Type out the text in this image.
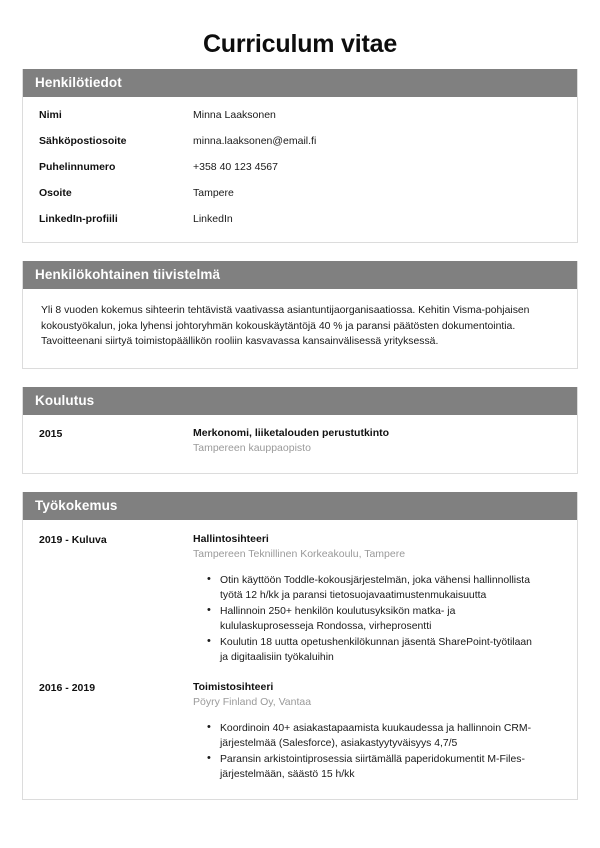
Curriculum vitae
Henkilötiedot
Nimi	Minna Laaksonen
Sähköpostiosoite	minna.laaksonen@email.fi
Puhelinnumero	+358 40 123 4567
Osoite	Tampere
LinkedIn-profiili	LinkedIn
Henkilökohtainen tiivistelmä
Yli 8 vuoden kokemus sihteerin tehtävistä vaativassa asiantuntijaorganisaatiossa. Kehitin Visma-pohjaisen kokoustyökalun, joka lyhensi johtoryhmän kokouskäytäntöjä 40 % ja paransi päätösten dokumentointia. Tavoitteenani siirtyä toimistopäällikön rooliin kasvavassa kansainvälisessä yrityksessä.
Koulutus
2015	Merkonomi, liiketalouden perustutkinto
Tampereen kauppaopisto
Työkokemus
2019 - Kuluva	Hallintosihteeri
Tampereen Teknillinen Korkeakoulu, Tampere
• Otin käyttöön Toddle-kokousjärjestelmän, joka vähensi hallinnollista työtä 12 h/kk ja paransi tietosuojavaatimustenmukaisuutta
• Hallinnoin 250+ henkilön koulutusyksikön matka- ja kululaskuprosesseja Rondossa, virheprosentti
• Koulutin 18 uutta opetushenkilökunnan jäsentä SharePoint-työtilaan ja digitaalisiin työkaluihin
2016 - 2019	Toimistosihteeri
Pöyry Finland Oy, Vantaa
• Koordinoin 40+ asiakastapaamista kuukaudessa ja hallinnoin CRM-järjestelmää (Salesforce), asiakastyytyväisyys 4,7/5
• Paransin arkistointiprosessia siirtämällä paperidokumentit M-Files-järjestelmään, säästö 15 h/kk
